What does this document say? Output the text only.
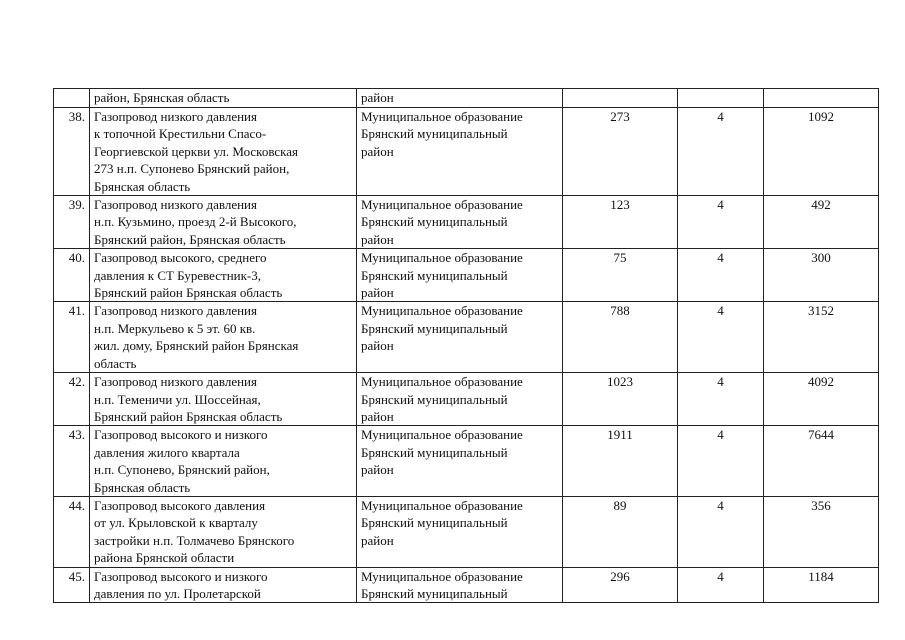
	район, Брянская область	район			

38.	Газопровод низкого давления
к топочной Крестильни Спасо-
Георгиевской церкви ул. Московская
273 н.п. Супонево Брянский район,
Брянская область	Муниципальное образование
Брянский муниципальный
район	273	4	1092
39.	Газопровод низкого давления
н.п. Кузьмино, проезд 2-й Высокого,
Брянский район, Брянская область	Муниципальное образование
Брянский муниципальный
район	123	4	492
40.	Газопровод высокого, среднего
давления к СТ Буревестник-3,
Брянский район Брянская область	Муниципальное образование
Брянский муниципальный
район	75	4	300
41.	Газопровод низкого давления
н.п. Меркульево к 5 эт. 60 кв.
жил. дому, Брянский район Брянская
область	Муниципальное образование
Брянский муниципальный
район	788	4	3152
42.	Газопровод низкого давления
н.п. Теменичи ул. Шоссейная,
Брянский район Брянская область	Муниципальное образование
Брянский муниципальный
район	1023	4	4092
43.	Газопровод высокого и низкого
давления жилого квартала
н.п. Супонево, Брянский район,
Брянская область	Муниципальное образование
Брянский муниципальный
район	1911	4	7644
44.	Газопровод высокого давления
от ул. Крыловской к кварталу
застройки н.п. Толмачево Брянского
района Брянской области	Муниципальное образование
Брянский муниципальный
район	89	4	356
45.	Газопровод высокого и низкого
давления по ул. Пролетарской	Муниципальное образование
Брянский муниципальный	296	4	1184
